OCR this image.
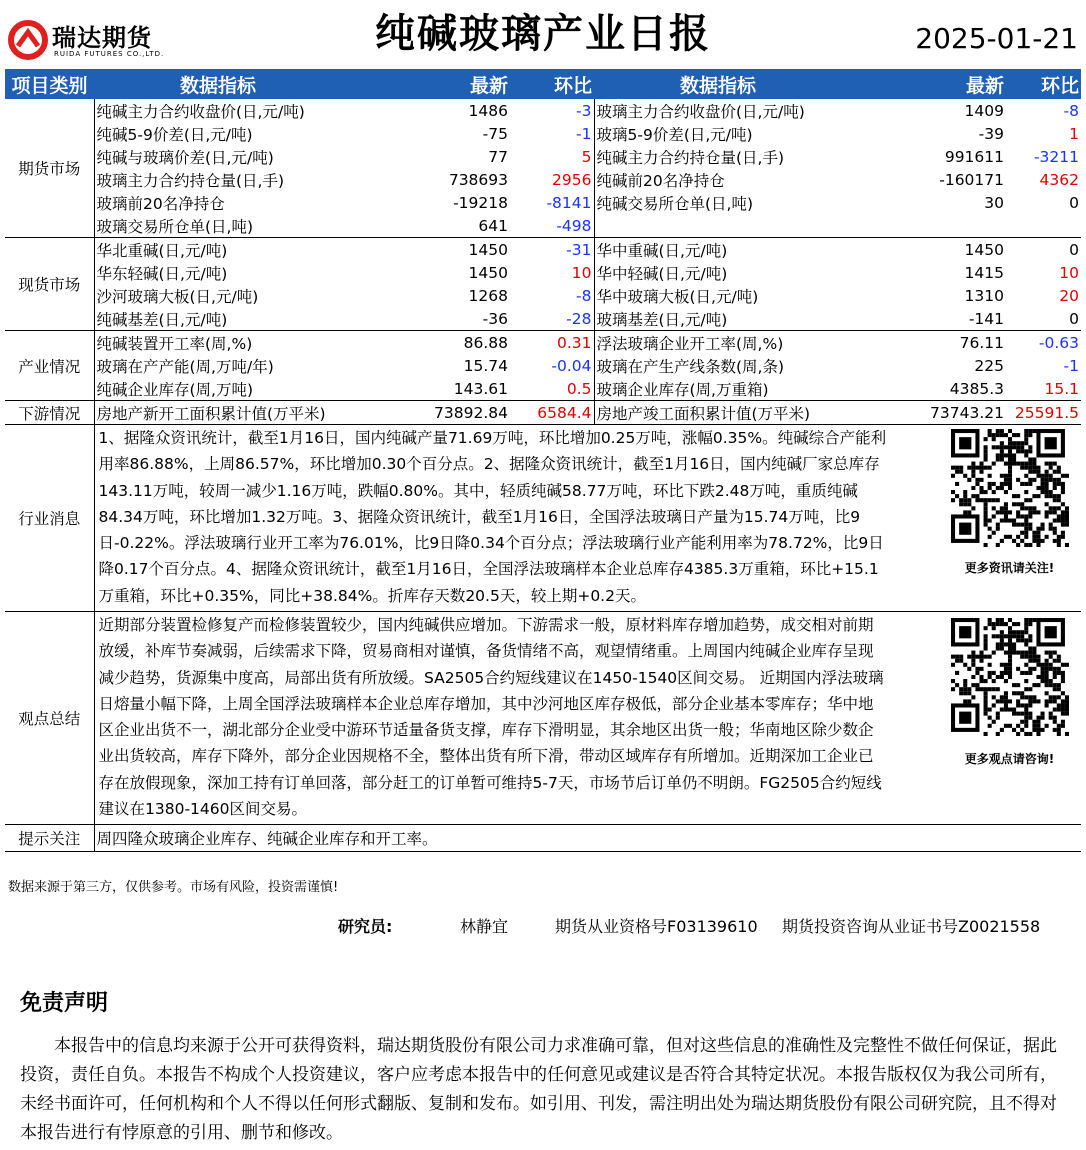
瑞达期货
RUIDA FUTURES CO.,LTD.	纯碱玻璃产业日报	2025-01-21
项目类别	数据指标	最新	环比	数据指标	最新	环比
期货市场	纯碱主力合约收盘价(日,元/吨)	1486	-3	玻璃主力合约收盘价(日,元/吨)	1409	-8
	纯碱5-9价差(日,元/吨)	-75	-1	玻璃5-9价差(日,元/吨)	-39	1
	纯碱与玻璃价差(日,元/吨)	77	5	纯碱主力合约持仓量(日,手)	991611	-3211
	玻璃主力合约持仓量(日,手)	738693	2956	纯碱前20名净持仓	-160171	4362
	玻璃前20名净持仓	-19218	-8141	纯碱交易所仓单(日,吨)	30	0
	玻璃交易所仓单(日,吨)	641	-498			
现货市场	华北重碱(日,元/吨)	1450	-31	华中重碱(日,元/吨)	1450	0
	华东轻碱(日,元/吨)	1450	10	华中轻碱(日,元/吨)	1415	10
	沙河玻璃大板(日,元/吨)	1268	-8	华中玻璃大板(日,元/吨)	1310	20
	纯碱基差(日,元/吨)	-36	-28	玻璃基差(日,元/吨)	-141	0
产业情况	纯碱装置开工率(周,%)	86.88	0.31	浮法玻璃企业开工率(周,%)	76.11	-0.63
	玻璃在产产能(周,万吨/年)	15.74	-0.04	玻璃在产生产线条数(周,条)	225	-1
	纯碱企业库存(周,万吨)	143.61	0.5	玻璃企业库存(周,万重箱)	4385.3	15.1
下游情况	房地产新开工面积累计值(万平米)	73892.84	6584.4	房地产竣工面积累计值(万平米)	73743.21	25591.5
行业消息	1、据隆众资讯统计，截至1月16日，国内纯碱产量71.69万吨，环比增加0.25万吨，涨幅0.35%。纯碱综合产能利用率86.88%，上周86.57%，环比增加0.30个百分点。2、据隆众资讯统计，截至1月16日，国内纯碱厂家总库存143.11万吨，较周一减少1.16万吨，跌幅0.80%。其中，轻质纯碱58.77万吨，环比下跌2.48万吨，重质纯碱84.34万吨，环比增加1.32万吨。3、据隆众资讯统计，截至1月16日，全国浮法玻璃日产量为15.74万吨，比9日-0.22%。浮法玻璃行业开工率为76.01%，比9日降0.34个百分点；浮法玻璃行业产能利用率为78.72%，比9日降0.17个百分点。4、据隆众资讯统计，截至1月16日，全国浮法玻璃样本企业总库存4385.3万重箱，环比+15.1万重箱，环比+0.35%，同比+38.84%。折库存天数20.5天，较上期+0.2天。
更多资讯请关注!					

观点总结	近期部分装置检修复产而检修装置较少，国内纯碱供应增加。下游需求一般，原材料库存增加趋势，成交相对前期放缓，补库节奏减弱，后续需求下降，贸易商相对谨慎，备货情绪不高，观望情绪重。上周国内纯碱企业库存呈现减少趋势，货源集中度高，局部出货有所放缓。SA2505合约短线建议在1450-1540区间交易。 近期国内浮法玻璃日熔量小幅下降，上周全国浮法玻璃样本企业总库存增加，其中沙河地区库存极低，部分企业基本零库存；华中地区企业出货不一，湖北部分企业受中游环节适量备货支撑，库存下滑明显，其余地区出货一般；华南地区除少数企业出货较高，库存下降外，部分企业因规格不全，整体出货有所下滑，带动区域库存有所增加。近期深加工企业已存在放假现象，深加工持有订单回落，部分赶工的订单暂可维持5-7天，市场节后订单仍不明朗。FG2505合约短线建议在1380-1460区间交易。
更多观点请咨询!					

提示关注	周四隆众玻璃企业库存、纯碱企业库存和开工率。					
数据来源于第三方，仅供参考。市场有风险，投资需谨慎!
研究员:	林静宜	期货从业资格号F03139610 期货投资咨询从业证书号Z0021558
免责声明
本报告中的信息均来源于公开可获得资料，瑞达期货股份有限公司力求准确可靠，但对这些信息的准确性及完整性不做任何保证，据此投资，责任自负。本报告不构成个人投资建议，客户应考虑本报告中的任何意见或建议是否符合其特定状况。本报告版权仅为我公司所有，未经书面许可，任何机构和个人不得以任何形式翻版、复制和发布。如引用、刊发，需注明出处为瑞达期货股份有限公司研究院，且不得对本报告进行有悖原意的引用、删节和修改。
